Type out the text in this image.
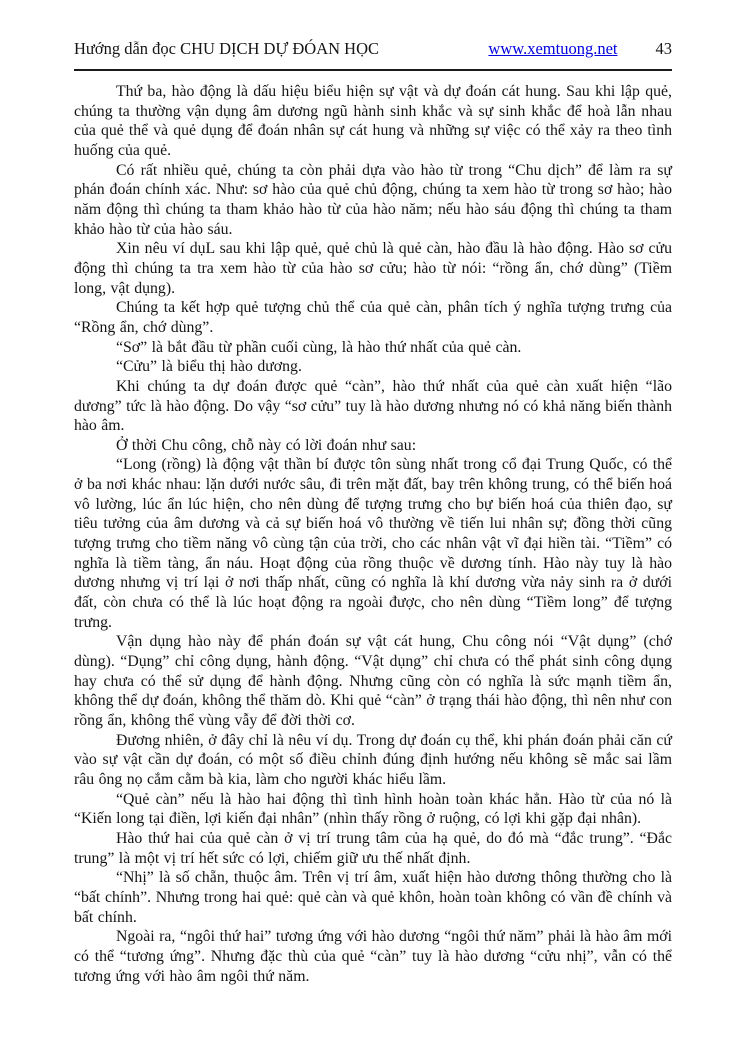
Hướng dẫn đọc CHU DỊCH DỰ ĐÓAN HỌC	www.xemtuong.net 43

Thứ ba, hào động là dấu hiệu biểu hiện sự vật và dự đoán cát hung. Sau khi lập quẻ, chúng ta thường vận dụng âm dương ngũ hành sinh khắc và sự sinh khắc để hoà lẫn nhau của quẻ thể và quẻ dụng để đoán nhân sự cát hung và những sự việc có thể xảy ra theo tình huống của quẻ.

Có rất nhiều quẻ, chúng ta còn phải dựa vào hào từ trong “Chu dịch” để làm ra sự phán đoán chính xác. Như: sơ hào của quẻ chủ động, chúng ta xem hào từ trong sơ hào; hào năm động thì chúng ta tham khảo hào từ của hào năm; nếu hào sáu động thì chúng ta tham khảo hào từ của hào sáu.

Xin nêu ví dụL sau khi lập quẻ, quẻ chủ là quẻ càn, hào đầu là hào động. Hào sơ cửu động thì chúng ta tra xem hào từ của hào sơ cửu; hào từ nói: “rồng ẩn, chớ dùng” (Tiềm long, vật dụng).

Chúng ta kết hợp quẻ tượng chủ thể của quẻ càn, phân tích ý nghĩa tượng trưng của “Rồng ẩn, chớ dùng”.

“Sơ” là bắt đầu từ phần cuối cùng, là hào thứ nhất của quẻ càn.

“Cửu” là biểu thị hào dương.

Khi chúng ta dự đoán được quẻ “càn”, hào thứ nhất của quẻ càn xuất hiện “lão dương” tức là hào động. Do vậy “sơ cửu” tuy là hào dương nhưng nó có khả năng biến thành hào âm.

Ở thời Chu công, chỗ này có lời đoán như sau:

“Long (rồng) là động vật thần bí được tôn sùng nhất trong cổ đại Trung Quốc, có thể ở ba nơi khác nhau: lặn dưới nước sâu, đi trên mặt đất, bay trên không trung, có thể biến hoá vô lường, lúc ẩn lúc hiện, cho nên dùng để tượng trưng cho bự biến hoá của thiên đạo, sự tiêu tưởng của âm dương và cả sự biến hoá vô thường về tiến lui nhân sự; đồng thời cũng tượng trưng cho tiềm năng vô cùng tận của trời, cho các nhân vật vĩ đại hiền tài. “Tiềm” có nghĩa là tiềm tàng, ẩn náu. Hoạt động của rồng thuộc về dương tính. Hào này tuy là hào dương nhưng vị trí lại ở nơi thấp nhất, cũng có nghĩa là khí dương vừa nảy sinh ra ở dưới đất, còn chưa có thể là lúc hoạt động ra ngoài được, cho nên dùng “Tiềm long” để tượng trưng.

Vận dụng hào này để phán đoán sự vật cát hung, Chu công nói “Vật dụng” (chớ dùng). “Dụng” chỉ công dụng, hành động. “Vật dụng” chỉ chưa có thể phát sinh công dụng hay chưa có thể sử dụng để hành động. Nhưng cũng còn có nghĩa là sức mạnh tiềm ẩn, không thể dự đoán, không thể thăm dò. Khi quẻ “càn” ở trạng thái hào động, thì nên như con rồng ẩn, không thể vùng vẫy để đời thời cơ.

Đương nhiên, ở đây chỉ là nêu ví dụ. Trong dự đoán cụ thể, khi phán đoán phải căn cứ vào sự vật cần dự đoán, có một số điều chỉnh đúng định hướng nếu không sẽ mắc sai lầm râu ông nọ cắm cằm bà kia, làm cho người khác hiểu lầm.

“Quẻ càn” nếu là hào hai động thì tình hình hoàn toàn khác hẳn. Hào từ của nó là “Kiến long tại điền, lợi kiến đại nhân” (nhìn thấy rồng ở ruộng, có lợi khi gặp đại nhân).

Hào thứ hai của quẻ càn ở vị trí trung tâm của hạ quẻ, do đó mà “đắc trung”. “Đắc trung” là một vị trí hết sức có lợi, chiếm giữ ưu thế nhất định.

“Nhị” là số chẵn, thuộc âm. Trên vị trí âm, xuất hiện hào dương thông thường cho là “bất chính”. Nhưng trong hai quẻ: quẻ càn và quẻ khôn, hoàn toàn không có vần đề chính và bất chính.

Ngoài ra, “ngôi thứ hai” tương ứng với hào dương “ngôi thứ năm” phải là hào âm mới có thể “tương ứng”. Nhưng đặc thù của quẻ “càn” tuy là hào dương “cửu nhị”, vẫn có thể tương ứng với hào âm ngôi thứ năm.
